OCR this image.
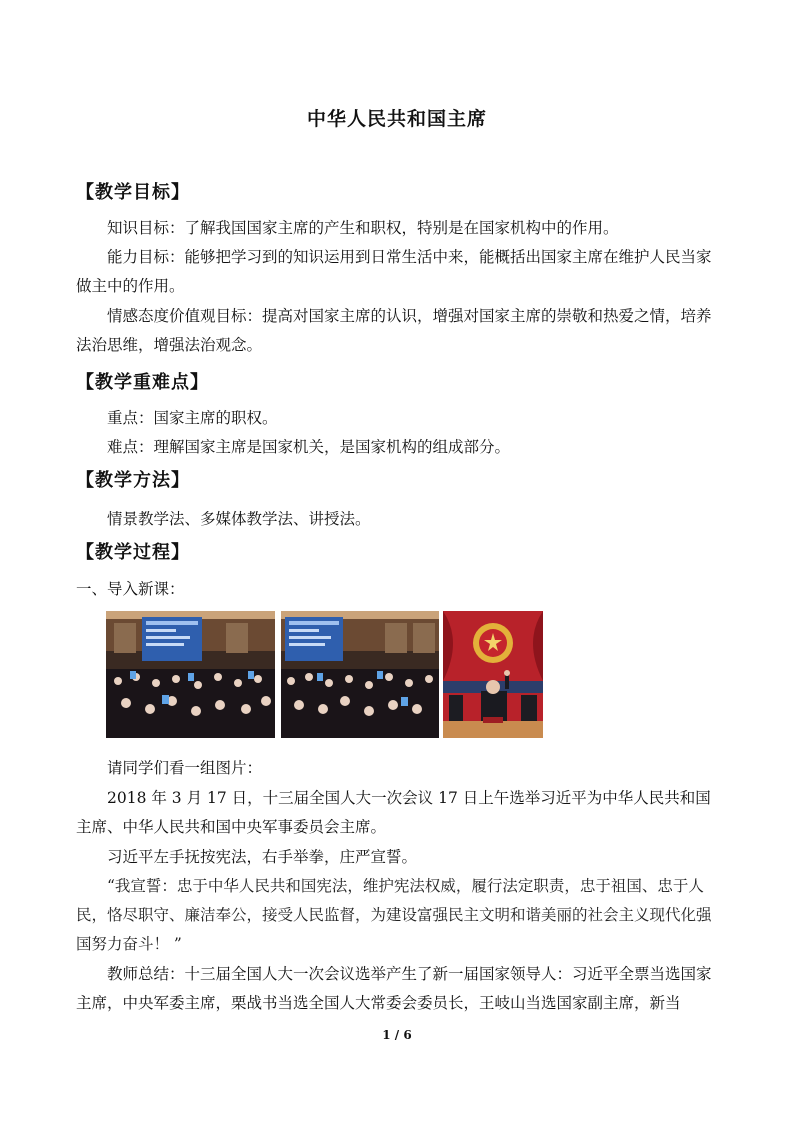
中华人民共和国主席
【教学目标】
知识目标：了解我国国家主席的产生和职权，特别是在国家机构中的作用。
能力目标：能够把学习到的知识运用到日常生活中来，能概括出国家主席在维护人民当家做主中的作用。
情感态度价值观目标：提高对国家主席的认识，增强对国家主席的崇敬和热爱之情，培养法治思维，增强法治观念。
【教学重难点】
重点：国家主席的职权。
难点：理解国家主席是国家机关，是国家机构的组成部分。
【教学方法】
情景教学法、多媒体教学法、讲授法。
【教学过程】
一、导入新课：
请同学们看一组图片：
2018 年 3 月 17 日，十三届全国人大一次会议 17 日上午选举习近平为中华人民共和国主席、中华人民共和国中央军事委员会主席。
习近平左手抚按宪法，右手举拳，庄严宣誓。
“我宣誓：忠于中华人民共和国宪法，维护宪法权威，履行法定职责，忠于祖国、忠于人民，恪尽职守、廉洁奉公，接受人民监督，为建设富强民主文明和谐美丽的社会主义现代化强国努力奋斗！ ”
教师总结：十三届全国人大一次会议选举产生了新一届国家领导人：习近平全票当选国家主席，中央军委主席，栗战书当选全国人大常委会委员长，王岐山当选国家副主席，新当
1 / 6
